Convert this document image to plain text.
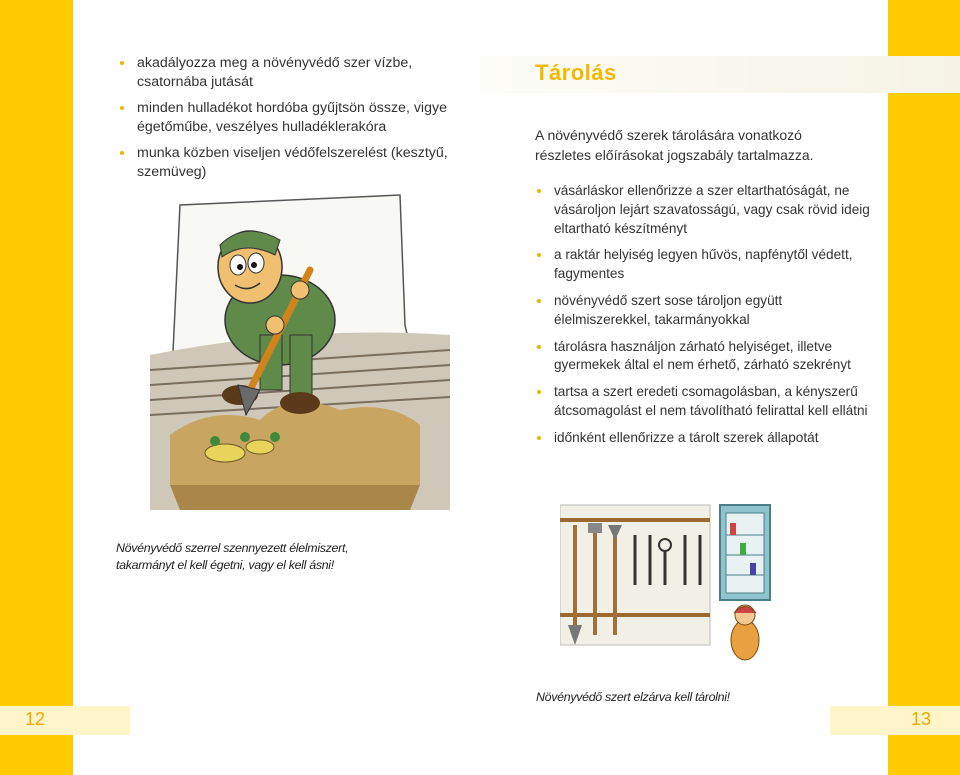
akadályozza meg a növényvédő szer vízbe, csatornába jutását
minden hulladékot hordóba gyűjtsön össze, vigye égetőműbe, veszélyes hulladéklerakóra
munka közben viseljen védőfelszerelést (kesztyű, szemüveg)
Növényvédő szerrel szennyezett élelmiszert, takarmányt el kell égetni, vagy el kell ásni!
12
Tárolás
A növényvédő szerek tárolására vonatkozó részletes előírásokat jogszabály tartalmazza.
vásárláskor ellenőrizze a szer eltarthatóságát, ne vásároljon lejárt szavatosságú, vagy csak rövid ideig eltartható készítményt
a raktár helyiség legyen hűvös, napfénytől védett, fagymentes
növényvédő szert sose tároljon együtt élelmiszerekkel, takarmányokkal
tárolásra használjon zárható helyiséget, illetve gyermekek által el nem érhető, zárható szekrényt
tartsa a szert eredeti csomagolásban, a kényszerű átcsomagolást el nem távolítható felirattal kell ellátni
időnként ellenőrizze a tárolt szerek állapotát
Növényvédő szert elzárva kell tárolni!
13
